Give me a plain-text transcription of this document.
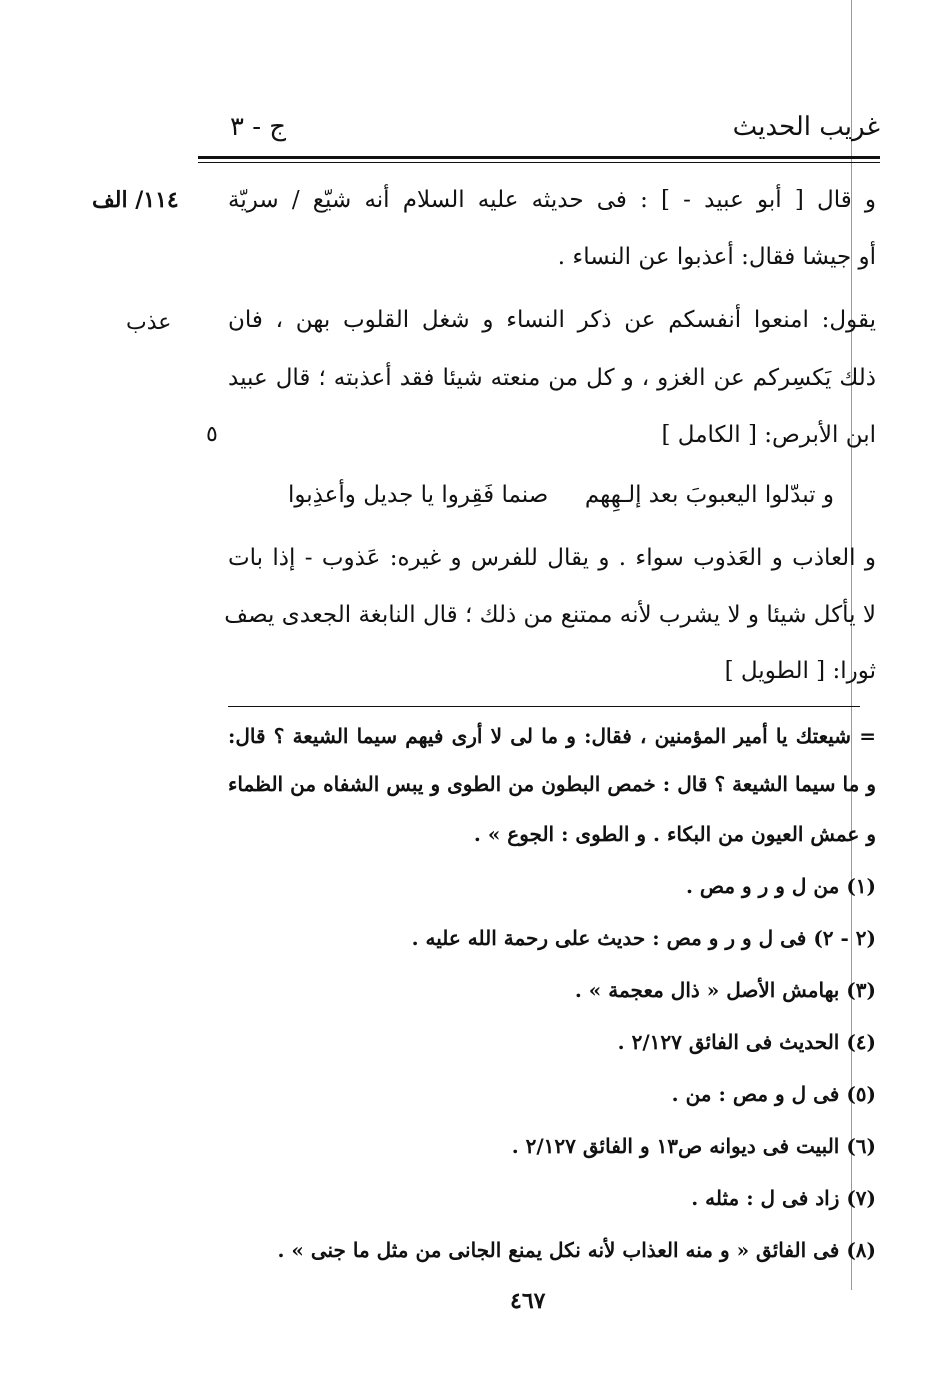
غريب الحديث
ج - ٣
١١٤/ الف
عذب
٥
و قال [ أبو عبيد - ] : فى حديثه عليه السلام أنه شيّع / سريّة
أو جيشا فقال: أعذبوا عن النساء .
يقول: امنعوا أنفسكم عن ذكر النساء و شغل القلوب بهن ، فان
ذلك يَكسِركم عن الغزو ، و كل من منعته شيئا فقد أعذبته ؛ قال عبيد
ابن الأبرص: [ الكامل ]
و تبدّلوا اليعبوبَ بعد إلـهِهم     صنما فَقِروا يا جديل وأعذِبوا
و العاذب و العَذوب سواء . و يقال للفرس و غيره: عَذوب - إذا بات
لا يأكل شيئا و لا يشرب لأنه ممتنع من ذلك ؛ قال النابغة الجعدى يصف
ثورا: [ الطويل ]
= شيعتك يا أمير المؤمنين ، فقال: و ما لى لا أرى فيهم سيما الشيعة ؟ قال:
و ما سيما الشيعة ؟ قال : خمص البطون من الطوى و يبس الشفاه من الظماء
و عمش العيون من البكاء . و الطوى : الجوع » .
(١) من ل و ر و مص .
(٢ - ٢) فى ل و ر و مص : حديث على رحمة الله عليه .
(٣) بهامش الأصل « ذال معجمة » .
(٤) الحديث فى الفائق ٢/١٢٧ .
(٥) فى ل و مص : من .
(٦) البيت فى ديوانه ص١٣ و الفائق ٢/١٢٧ .
(٧) زاد فى ل : مثله .
(٨) فى الفائق « و منه العذاب لأنه نكل يمنع الجانى من مثل ما جنى » .
٤٦٧
